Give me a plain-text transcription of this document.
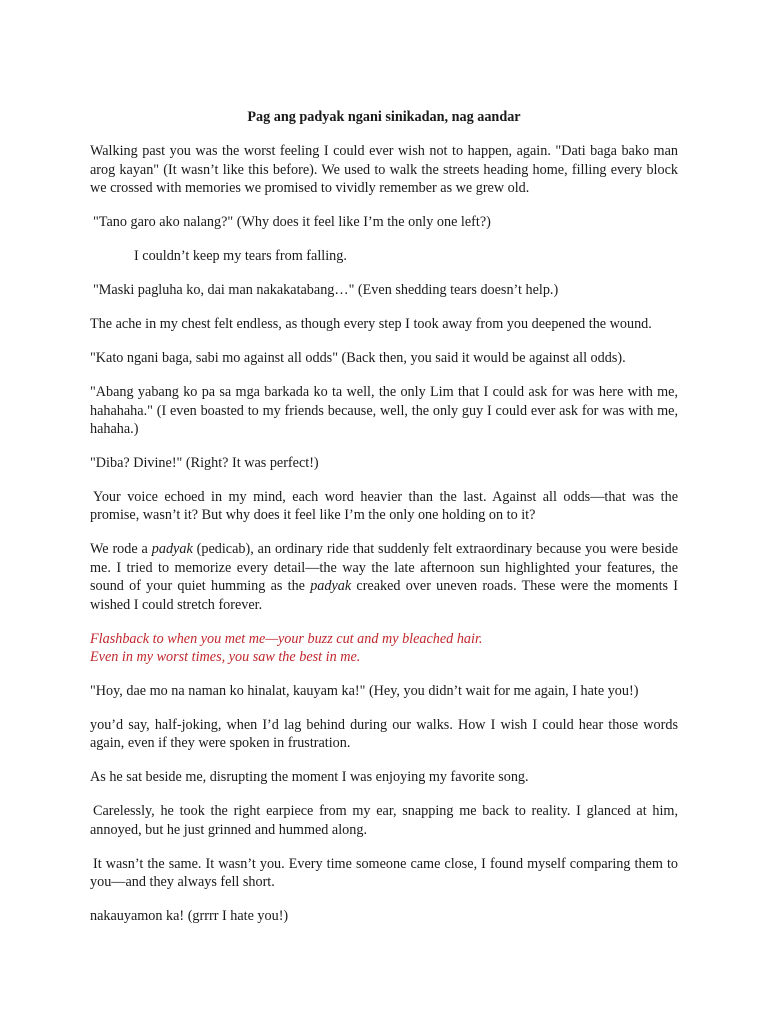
Pag ang padyak ngani sinikadan, nag aandar

Walking past you was the worst feeling I could ever wish not to happen, again. "Dati baga bako man arog kayan" (It wasn’t like this before). We used to walk the streets heading home, filling every block we crossed with memories we promised to vividly remember as we grew old.

"Tano garo ako nalang?" (Why does it feel like I’m the only one left?)

I couldn’t keep my tears from falling.

"Maski pagluha ko, dai man nakakatabang…" (Even shedding tears doesn’t help.)

The ache in my chest felt endless, as though every step I took away from you deepened the wound.

"Kato ngani baga, sabi mo against all odds" (Back then, you said it would be against all odds).

"Abang yabang ko pa sa mga barkada ko ta well, the only Lim that I could ask for was here with me, hahahaha." (I even boasted to my friends because, well, the only guy I could ever ask for was with me, hahaha.)

"Diba? Divine!" (Right? It was perfect!)

Your voice echoed in my mind, each word heavier than the last. Against all odds—that was the promise, wasn’t it? But why does it feel like I’m the only one holding on to it?

We rode a padyak (pedicab), an ordinary ride that suddenly felt extraordinary because you were beside me. I tried to memorize every detail—the way the late afternoon sun highlighted your features, the sound of your quiet humming as the padyak creaked over uneven roads. These were the moments I wished I could stretch forever.

Flashback to when you met me—your buzz cut and my bleached hair.
Even in my worst times, you saw the best in me.

"Hoy, dae mo na naman ko hinalat, kauyam ka!" (Hey, you didn’t wait for me again, I hate you!)

you’d say, half-joking, when I’d lag behind during our walks. How I wish I could hear those words again, even if they were spoken in frustration.

As he sat beside me, disrupting the moment I was enjoying my favorite song.

Carelessly, he took the right earpiece from my ear, snapping me back to reality. I glanced at him, annoyed, but he just grinned and hummed along.

It wasn’t the same. It wasn’t you. Every time someone came close, I found myself comparing them to you—and they always fell short.

nakauyamon ka! (grrrr I hate you!)
